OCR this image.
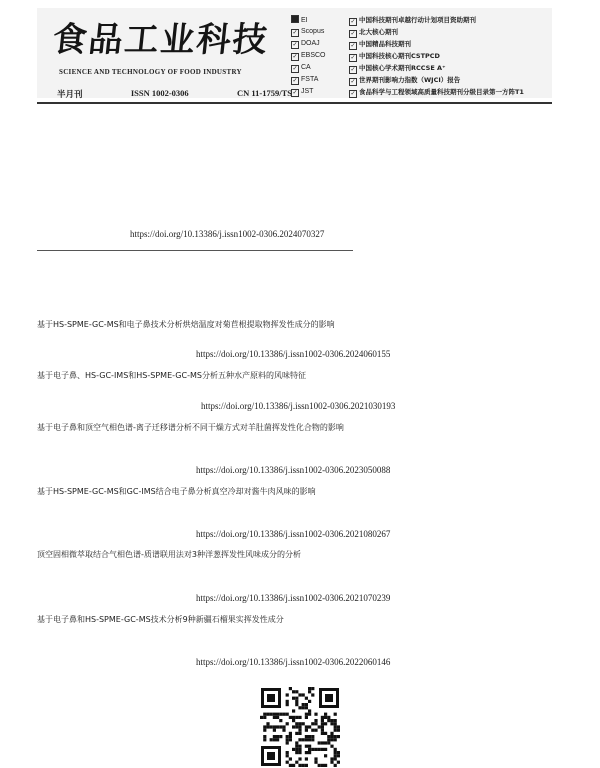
食品工业科技
SCIENCE AND TECHNOLOGY OF FOOD INDUSTRY
半月刊	ISSN 1002-0306	CN 11-1759/TS
EI
✓ Scopus
✓ DOAJ
✓ EBSCO
✓ CA
✓ FSTA
✓ JST
✓ 中国科技期刊卓越行动计划项目资助期刊
✓ 北大核心期刊
✓ 中国精品科技期刊
✓ 中国科技核心期刊CSTPCD
✓ 中国核心学术期刊RCCSE A⁺
✓ 世界期刊影响力指数（WJCI）报告
✓ 食品科学与工程领域高质量科技期刊分级目录第一方阵T1
https://doi.org/10.13386/j.issn1002-0306.2024070327
基于HS-SPME-GC-MS和电子鼻技术分析烘焙温度对菊苣根提取物挥发性成分的影响
https://doi.org/10.13386/j.issn1002-0306.2024060155
基于电子鼻、HS-GC-IMS和HS-SPME-GC-MS分析五种水产原料的风味特征
https://doi.org/10.13386/j.issn1002-0306.2021030193
基于电子鼻和顶空气相色谱-离子迁移谱分析不同干燥方式对羊肚菌挥发性化合物的影响
https://doi.org/10.13386/j.issn1002-0306.2023050088
基于HS-SPME-GC-MS和GC-IMS结合电子鼻分析真空冷却对酱牛肉风味的影响
https://doi.org/10.13386/j.issn1002-0306.2021080267
顶空固相微萃取结合气相色谱-质谱联用法对3种洋葱挥发性风味成分的分析
https://doi.org/10.13386/j.issn1002-0306.2021070239
基于电子鼻和HS-SPME-GC-MS技术分析9种新疆石榴果实挥发性成分
https://doi.org/10.13386/j.issn1002-0306.2022060146
